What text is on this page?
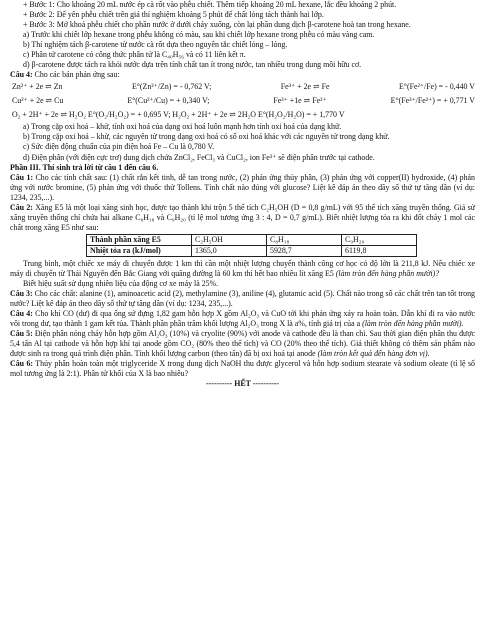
+ Bước 1: Cho khoảng 20 mL nước ép cà rốt vào phễu chiết. Thêm tiếp khoảng 20 mL hexane, lắc đều khoảng 2 phút.

+ Bước 2: Để yên phễu chiết trên giá thí nghiệm khoảng 5 phút để chất lỏng tách thành hai lớp.

+ Bước 3: Mở khoá phễu chiết cho phần nước ở dưới chảy xuống, còn lại phần dung dịch β-carotene hoà tan trong hexane.

a) Trước khi chiết lớp hexane trong phễu không có màu, sau khi chiết lớp hexane trong phễu có màu vàng cam.

b) Thí nghiệm tách β-carotene từ nước cà rốt dựa theo nguyên tắc chiết lỏng – lỏng.

c) Phân tử carotene có công thức phân tử là C₄₀H₅₆ và có 11 liên kết π.

d) β-carotene được tách ra khỏi nước dựa trên tính chất tan ít trong nước, tan nhiều trong dung môi hữu cơ.

Câu 4: Cho các bán phản ứng sau:

Zn²⁺ + 2e ⇌ Zn	E°(Zn²⁺/Zn) = - 0,762 V;	Fe³⁺ + 2e ⇌ Fe	E°(Fe²⁺/Fe) = - 0,440 V
Cu²⁺ + 2e ⇌ Cu	E°(Cu²⁺/Cu) = + 0,340 V;	Fe³⁺ +1e ⇌ Fe²⁺	E°(Fe³⁺/Fe²⁺) = + 0,771 V
O₂ + 2H⁺ + 2e ⇌ H₂O₂ E°(O₂/H₂O₂) = + 0,695 V; H₂O₂ + 2H⁺ + 2e ⇌ 2H₂O E°(H₂O₂/H₂O) = + 1,770 V

a) Trong cặp oxi hoá – khử, tính oxi hoá của dạng oxi hoá luôn mạnh hơn tính oxi hoá của dạng khử.

b) Trong cặp oxi hoá – khử, các nguyên tử trong dạng oxi hoá có số oxi hoá khác với các nguyên tử trong dạng khử.

c) Sức điện động chuẩn của pin điện hoá Fe – Cu là 0,780 V.

d) Điện phân (với điện cực trơ) dung dịch chứa ZnCl₂, FeCl₃ và CuCl₂, ion Fe³⁺ sẽ điện phân trước tại cathode.

Phần III. Thí sinh trả lời từ câu 1 đến câu 6.

Câu 1: Cho các tính chất sau: (1) chất rắn kết tinh, dễ tan trong nước, (2) phản ứng thủy phân, (3) phản ứng với copper(II) hydroxide, (4) phản ứng với nước bromine, (5) phản ứng với thuốc thử Tollens. Tính chất nào đúng với glucose? Liệt kê đáp án theo dãy số thứ tự tăng dần (ví dụ: 1234, 235,...).

Câu 2: Xăng E5 là một loại xăng sinh học, được tạo thành khi trộn 5 thể tích C₂H₅OH (D = 0,8 g/mL) với 95 thể tích xăng truyền thống. Giả sử xăng truyền thống chỉ chứa hai alkane C₈H₁₈ và C₉H₂₀ (tỉ lệ mol tương ứng 3 : 4, D = 0,7 g/mL). Biết nhiệt lượng tỏa ra khi đốt cháy 1 mol các chất trong xăng E5 như sau:

Thành phần xăng E5	C₂H₅OH	C₈H₁₈	C₉H₂₀
Nhiệt tỏa ra (kJ/mol)	1365,0	5928,7	6119,8

Trung bình, một chiếc xe máy di chuyển được 1 km thì cần một nhiệt lượng chuyển thành công cơ học có độ lớn là 211,8 kJ. Nếu chiếc xe máy di chuyển từ Thái Nguyên đến Bắc Giang với quãng đường là 60 km thì hết bao nhiêu lít xăng E5 (làm tròn đến hàng phần mười)?

Biết hiệu suất sử dụng nhiên liệu của động cơ xe máy là 25%.

Câu 3: Cho các chất: alanine (1), aminoacetic acid (2), methylamine (3), aniline (4), glutamic acid (5). Chất nào trong số các chất trên tan tốt trong nước? Liệt kê đáp án theo dãy số thứ tự tăng dần (ví dụ: 1234, 235,...).

Câu 4: Cho khí CO (dư) đi qua ống sứ đựng 1,82 gam hỗn hợp X gồm Al₂O₃ và CuO tới khi phản ứng xảy ra hoàn toàn. Dẫn khí đi ra vào nước vôi trong dư, tạo thành 1 gam kết tủa. Thành phần phần trăm khối lượng Al₂O₃ trong X là a%, tính giá trị của a (làm tròn đến hàng phần mười).

Câu 5: Điện phân nóng chảy hỗn hợp gồm Al₂O₃ (10%) và cryolite (90%) với anode và cathode đều là than chì. Sau thời gian điện phân thu được 5,4 tấn Al tại cathode và hỗn hợp khí tại anode gồm CO₂ (80% theo thể tích) và CO (20% theo thể tích). Giả thiết không có thêm sản phẩm nào được sinh ra trong quá trình điện phân. Tính khối lượng carbon (theo tấn) đã bị oxi hoá tại anode (làm tròn kết quả đến hàng đơn vị).

Câu 6: Thủy phân hoàn toàn một triglyceride X trong dung dịch NaOH thu được glycerol và hỗn hợp sodium stearate và sodium oleate (tỉ lệ số mol tương ứng là 2:1). Phân tử khối của X là bao nhiêu?

---------- HẾT ----------
